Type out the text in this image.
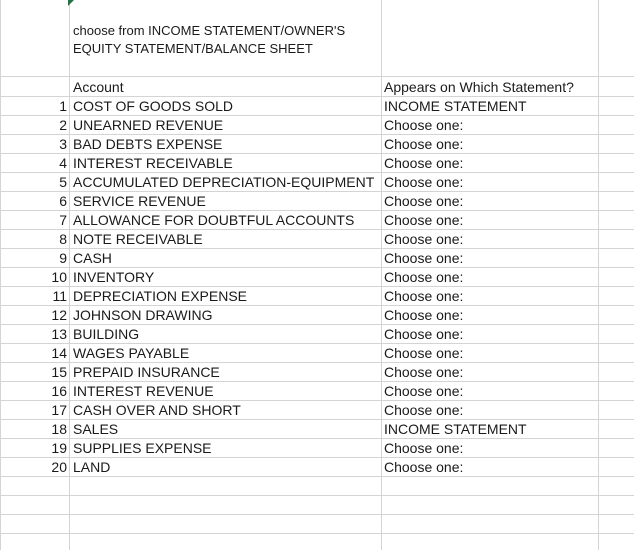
choose from INCOME STATEMENT/OWNER'S EQUITY STATEMENT/BALANCE SHEET
Account	Appears on Which Statement?
1 COST OF GOODS SOLD	INCOME STATEMENT
2 UNEARNED REVENUE	Choose one:
3 BAD DEBTS EXPENSE	Choose one:
4 INTEREST RECEIVABLE	Choose one:
5 ACCUMULATED DEPRECIATION-EQUIPMENT Choose one:
6 SERVICE REVENUE	Choose one:
7 ALLOWANCE FOR DOUBTFUL ACCOUNTS Choose one:
8 NOTE RECEIVABLE	Choose one:
9 CASH	Choose one:
10 INVENTORY	Choose one:
11 DEPRECIATION EXPENSE	Choose one:
12 JOHNSON DRAWING	Choose one:
13 BUILDING	Choose one:
14 WAGES PAYABLE	Choose one:
15 PREPAID INSURANCE	Choose one:
16 INTEREST REVENUE	Choose one:
17 CASH OVER AND SHORT	Choose one:
18 SALES	INCOME STATEMENT
19 SUPPLIES EXPENSE	Choose one:
20 LAND	Choose one:
